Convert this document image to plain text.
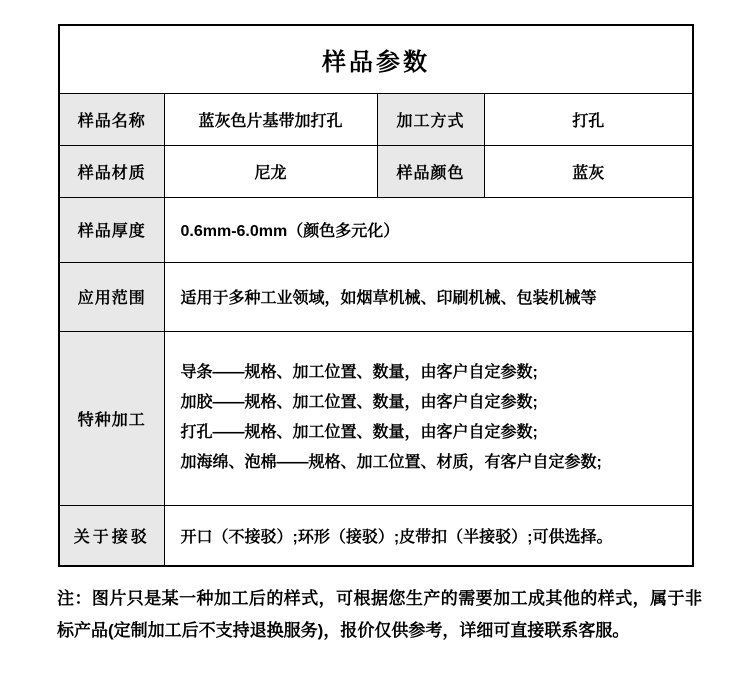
样品参数			
样品名称	蓝灰色片基带加打孔	加工方式	打孔
样品材质	尼龙	样品颜色	蓝灰
样品厚度	0.6mm-6.0mm（颜色多元化）		
应用范围	适用于多种工业领域，如烟草机械、印刷机械、包装机械等		
特种加工	导条——规格、加工位置、数量，由客户自定参数;
加胶——规格、加工位置、数量，由客户自定参数;
打孔——规格、加工位置、数量，由客户自定参数;
加海绵、泡棉——规格、加工位置、材质，有客户自定参数;		

关于接驳	开口（不接驳）;环形（接驳）;皮带扣（半接驳）;可供选择。		

注：图片只是某一种加工后的样式，可根据您生产的需要加工成其他的样式，属于非标产品(定制加工后不支持退换服务)，报价仅供参考，详细可直接联系客服。
